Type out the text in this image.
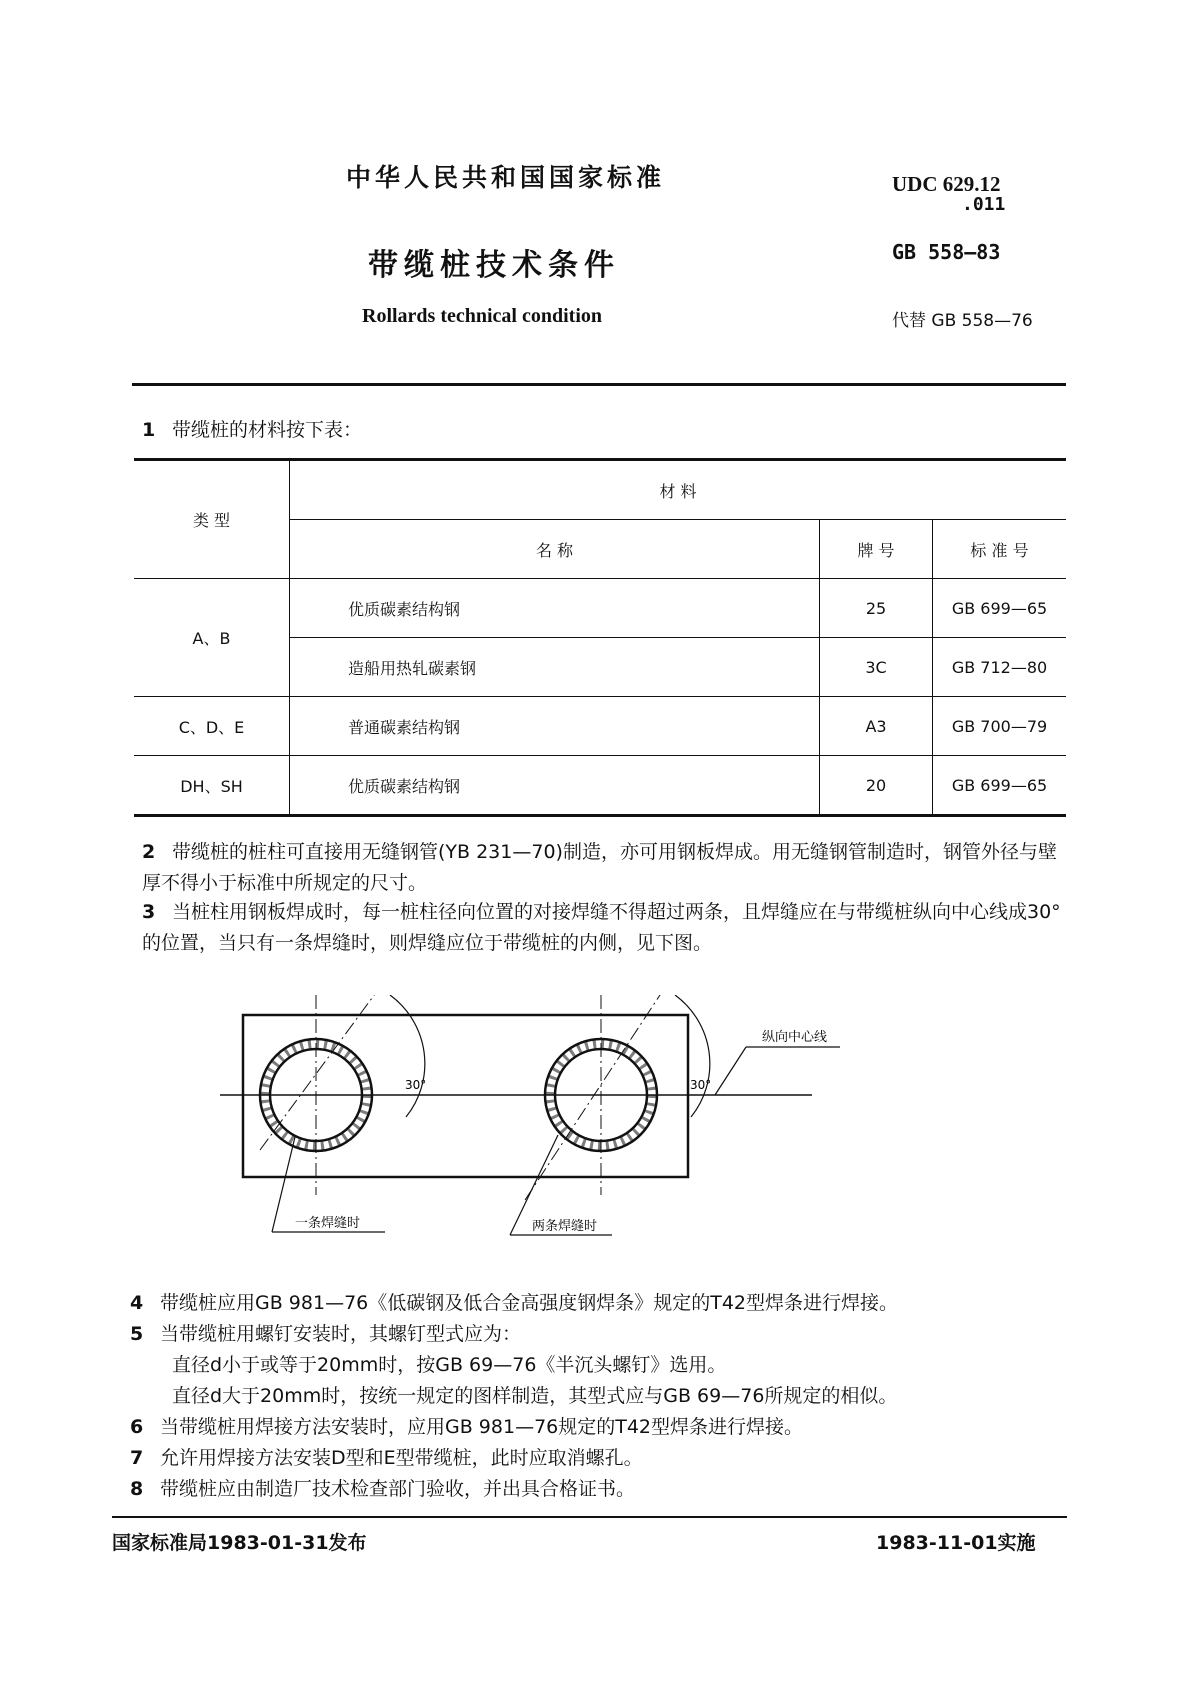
中华人民共和国国家标准
带缆桩技术条件
Rollards technical condition
UDC 629.12
.011
GB 558—83
代替 GB 558—76
1 带缆桩的材料按下表：
类 型	材 料		
	名 称	牌 号	标 准 号
A、B	优质碳素结构钢	25	GB 699—65
	造船用热轧碳素钢	3C	GB 712—80
C、D、E	普通碳素结构钢	A3	GB 700—79
DH、SH	优质碳素结构钢	20	GB 699—65
2 带缆桩的桩柱可直接用无缝钢管(YB 231—70)制造，亦可用钢板焊成。用无缝钢管制造时，钢管外径与壁厚不得小于标准中所规定的尺寸。
3 当桩柱用钢板焊成时，每一桩柱径向位置的对接焊缝不得超过两条，且焊缝应在与带缆桩纵向中心线成30°的位置，当只有一条焊缝时，则焊缝应位于带缆桩的内侧，见下图。
30°	30°
纵向中心线
一条焊缝时	两条焊缝时
4 带缆桩应用GB 981—76《低碳钢及低合金高强度钢焊条》规定的T42型焊条进行焊接。
5 当带缆桩用螺钉安装时，其螺钉型式应为：
直径d小于或等于20mm时，按GB 69—76《半沉头螺钉》选用。
直径d大于20mm时，按统一规定的图样制造，其型式应与GB 69—76所规定的相似。
6 当带缆桩用焊接方法安装时，应用GB 981—76规定的T42型焊条进行焊接。
7 允许用焊接方法安装D型和E型带缆桩，此时应取消螺孔。
8 带缆桩应由制造厂技术检查部门验收，并出具合格证书。
国家标准局1983-01-31发布	1983-11-01实施
